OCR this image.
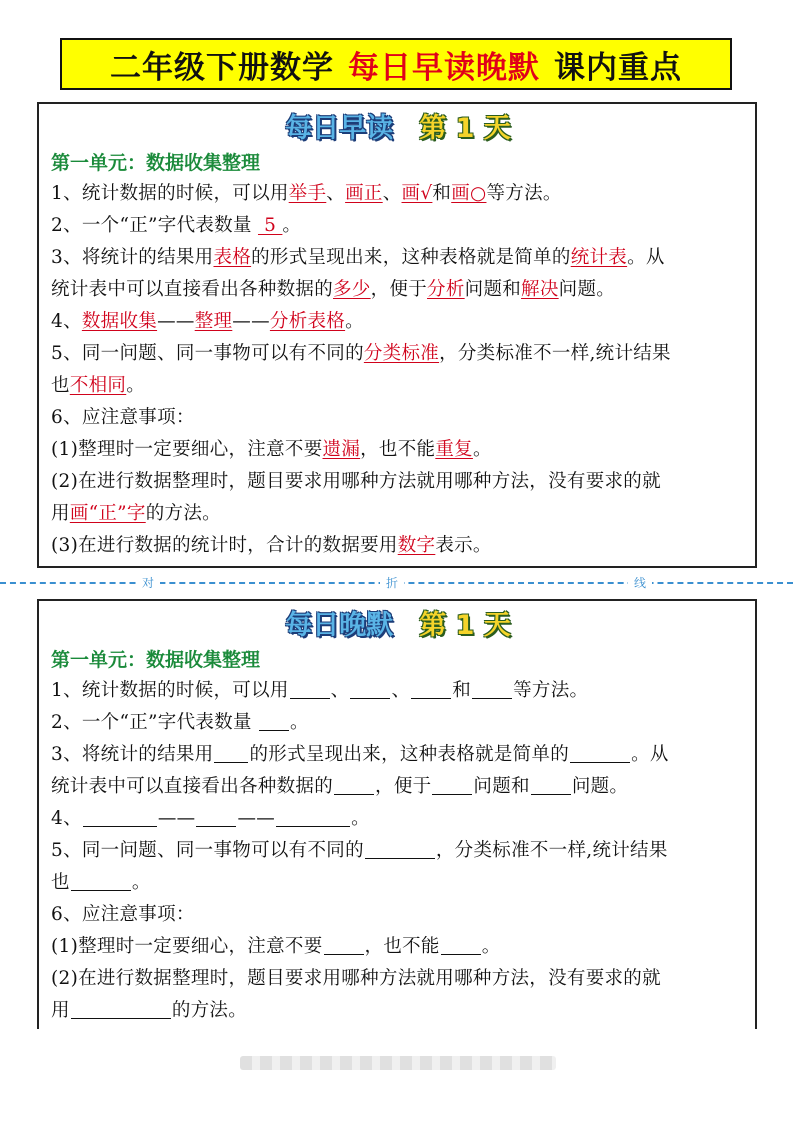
二年级下册数学 每日早读晚默 课内重点
每日早读 第 1 天
第一单元：数据收集整理
1、统计数据的时候，可以用举手、画正、画√和画○等方法。
2、一个“正”字代表数量  5 。
3、将统计的结果用表格的形式呈现出来，这种表格就是简单的统计表。从
统计表中可以直接看出各种数据的多少，便于分析问题和解决问题。
4、数据收集——整理——分析表格。
5、同一问题、同一事物可以有不同的分类标准，分类标准不一样,统计结果
也不相同。
6、应注意事项：
(1)整理时一定要细心，注意不要遗漏，也不能重复。
(2)在进行数据整理时，题目要求用哪种方法就用哪种方法，没有要求的就
用画“正”字的方法。
(3)在进行数据的统计时，合计的数据要用数字表示。
对	折	线
每日晚默 第 1 天
第一单元：数据收集整理
1、统计数据的时候，可以用 、 、 和 等方法。
2、一个“正”字代表数量 。
3、将统计的结果用 的形式呈现出来，这种表格就是简单的	。从
统计表中可以直接看出各种数据的 ，便于 问题和 问题。
4、	—— ——	。
5、同一问题、同一事物可以有不同的	，分类标准不一样,统计结果
也	。
6、应注意事项：
(1)整理时一定要细心，注意不要 ，也不能 。
(2)在进行数据整理时，题目要求用哪种方法就用哪种方法，没有要求的就
用	的方法。
